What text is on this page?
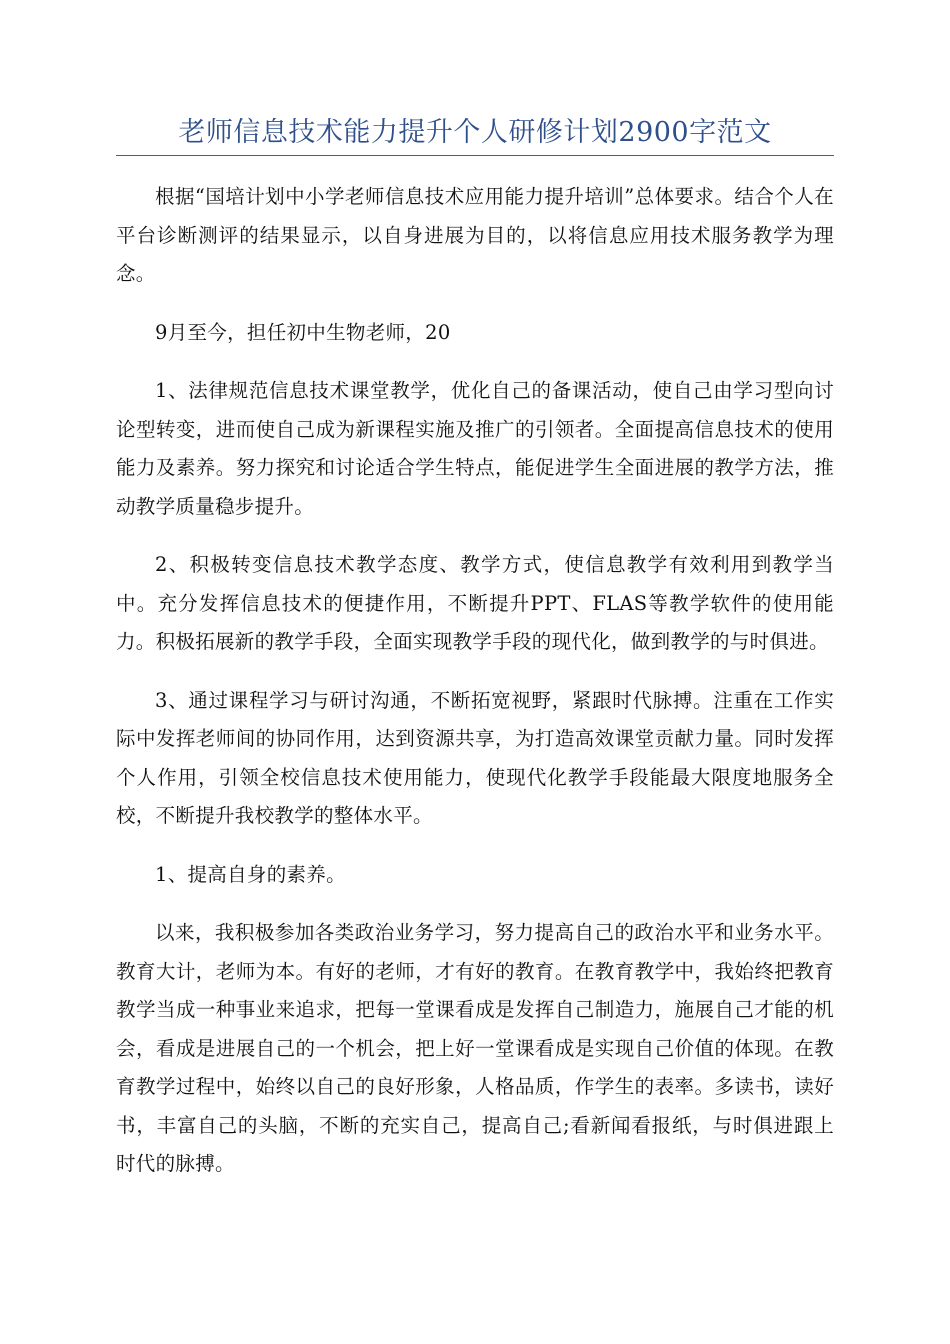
老师信息技术能力提升个人研修计划2900字范文

根据“国培计划中小学老师信息技术应用能力提升培训”总体要求。结合个人在平台诊断测评的结果显示，以自身进展为目的，以将信息应用技术服务教学为理念。

9月至今，担任初中生物老师，20

1、法律规范信息技术课堂教学，优化自己的备课活动，使自己由学习型向讨论型转变，进而使自己成为新课程实施及推广的引领者。全面提高信息技术的使用能力及素养。努力探究和讨论适合学生特点，能促进学生全面进展的教学方法，推动教学质量稳步提升。

2、积极转变信息技术教学态度、教学方式，使信息教学有效利用到教学当中。充分发挥信息技术的便捷作用，不断提升PPT、FLAS等教学软件的使用能力。积极拓展新的教学手段，全面实现教学手段的现代化，做到教学的与时俱进。

3、通过课程学习与研讨沟通，不断拓宽视野，紧跟时代脉搏。注重在工作实际中发挥老师间的协同作用，达到资源共享，为打造高效课堂贡献力量。同时发挥个人作用，引领全校信息技术使用能力，使现代化教学手段能最大限度地服务全校，不断提升我校教学的整体水平。

1、提高自身的素养。

以来，我积极参加各类政治业务学习，努力提高自己的政治水平和业务水平。教育大计，老师为本。有好的老师，才有好的教育。在教育教学中，我始终把教育教学当成一种事业来追求，把每一堂课看成是发挥自己制造力，施展自己才能的机会，看成是进展自己的一个机会，把上好一堂课看成是实现自己价值的体现。在教育教学过程中，始终以自己的良好形象，人格品质，作学生的表率。多读书，读好书，丰富自己的头脑，不断的充实自己，提高自己;看新闻看报纸，与时俱进跟上时代的脉搏。
